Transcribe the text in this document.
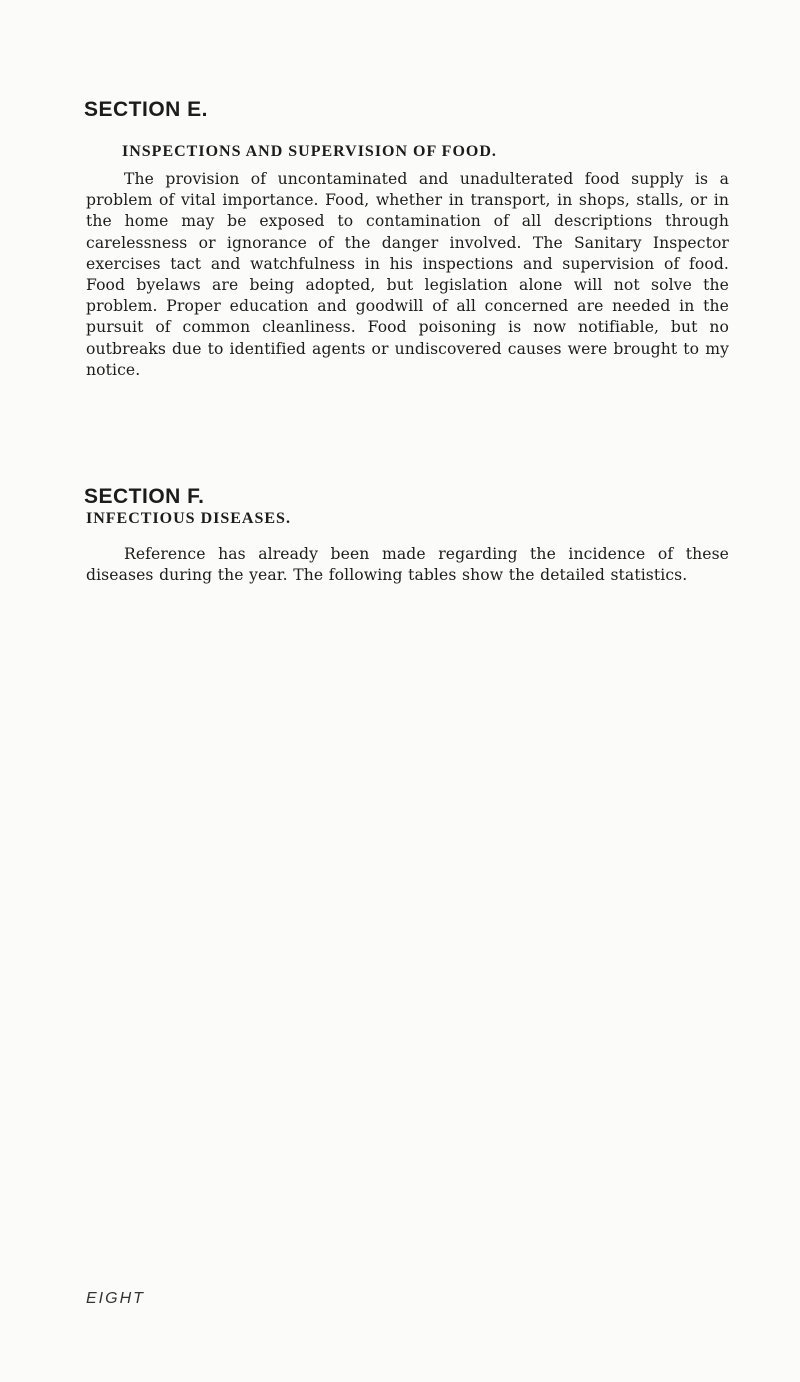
SECTION E.
INSPECTIONS AND SUPERVISION OF FOOD.

The provision of uncontaminated and unadulterated food supply is a problem of vital importance. Food, whether in transport, in shops, stalls, or in the home may be exposed to contamination of all descriptions through carelessness or ignorance of the danger involved. The Sanitary Inspector exercises tact and watchfulness in his inspections and supervision of food. Food byelaws are being adopted, but legislation alone will not solve the problem. Proper education and goodwill of all concerned are needed in the pursuit of common cleanliness. Food poisoning is now notifiable, but no outbreaks due to identified agents or undiscovered causes were brought to my notice.

SECTION F.
INFECTIOUS DISEASES.

Reference has already been made regarding the incidence of these diseases during the year. The following tables show the detailed statistics.

EIGHT
